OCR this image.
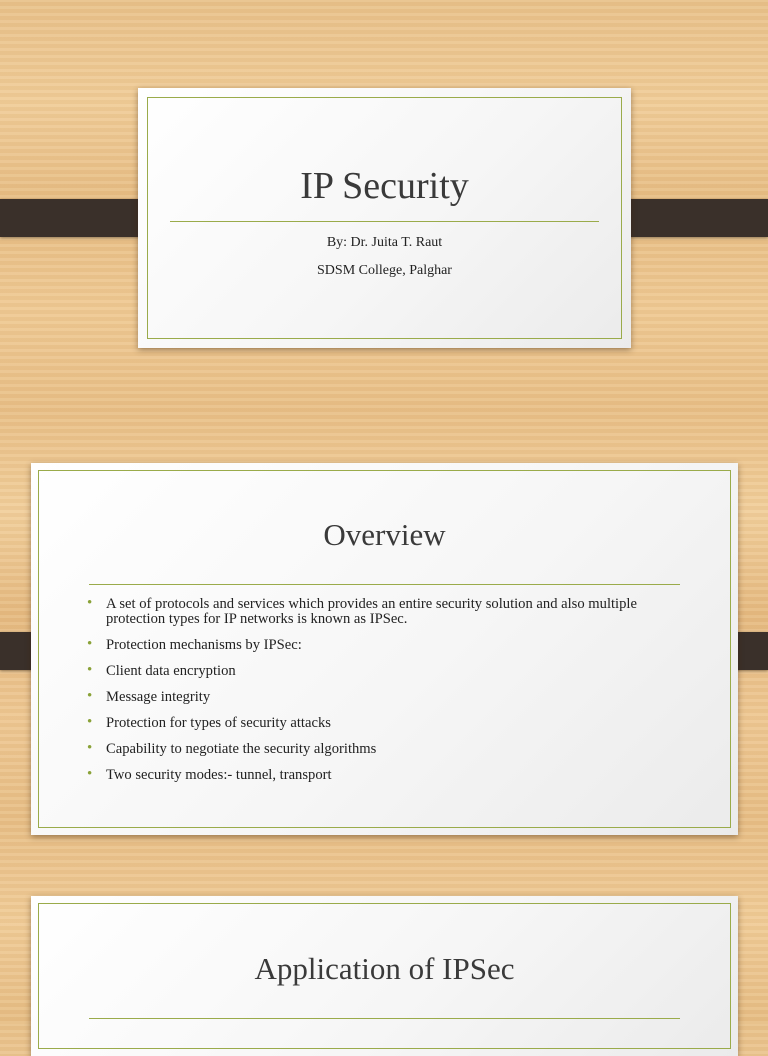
IP Security

By: Dr. Juita T. Raut

SDSM College, Palghar

Overview
• A set of protocols and services which provides an entire security solution and also multiple protection types for IP networks is known as IPSec.
• Protection mechanisms by IPSec:
• Client data encryption
• Message integrity
• Protection for types of security attacks
• Capability to negotiate the security algorithms
• Two security modes:- tunnel, transport
Application of IPSec
